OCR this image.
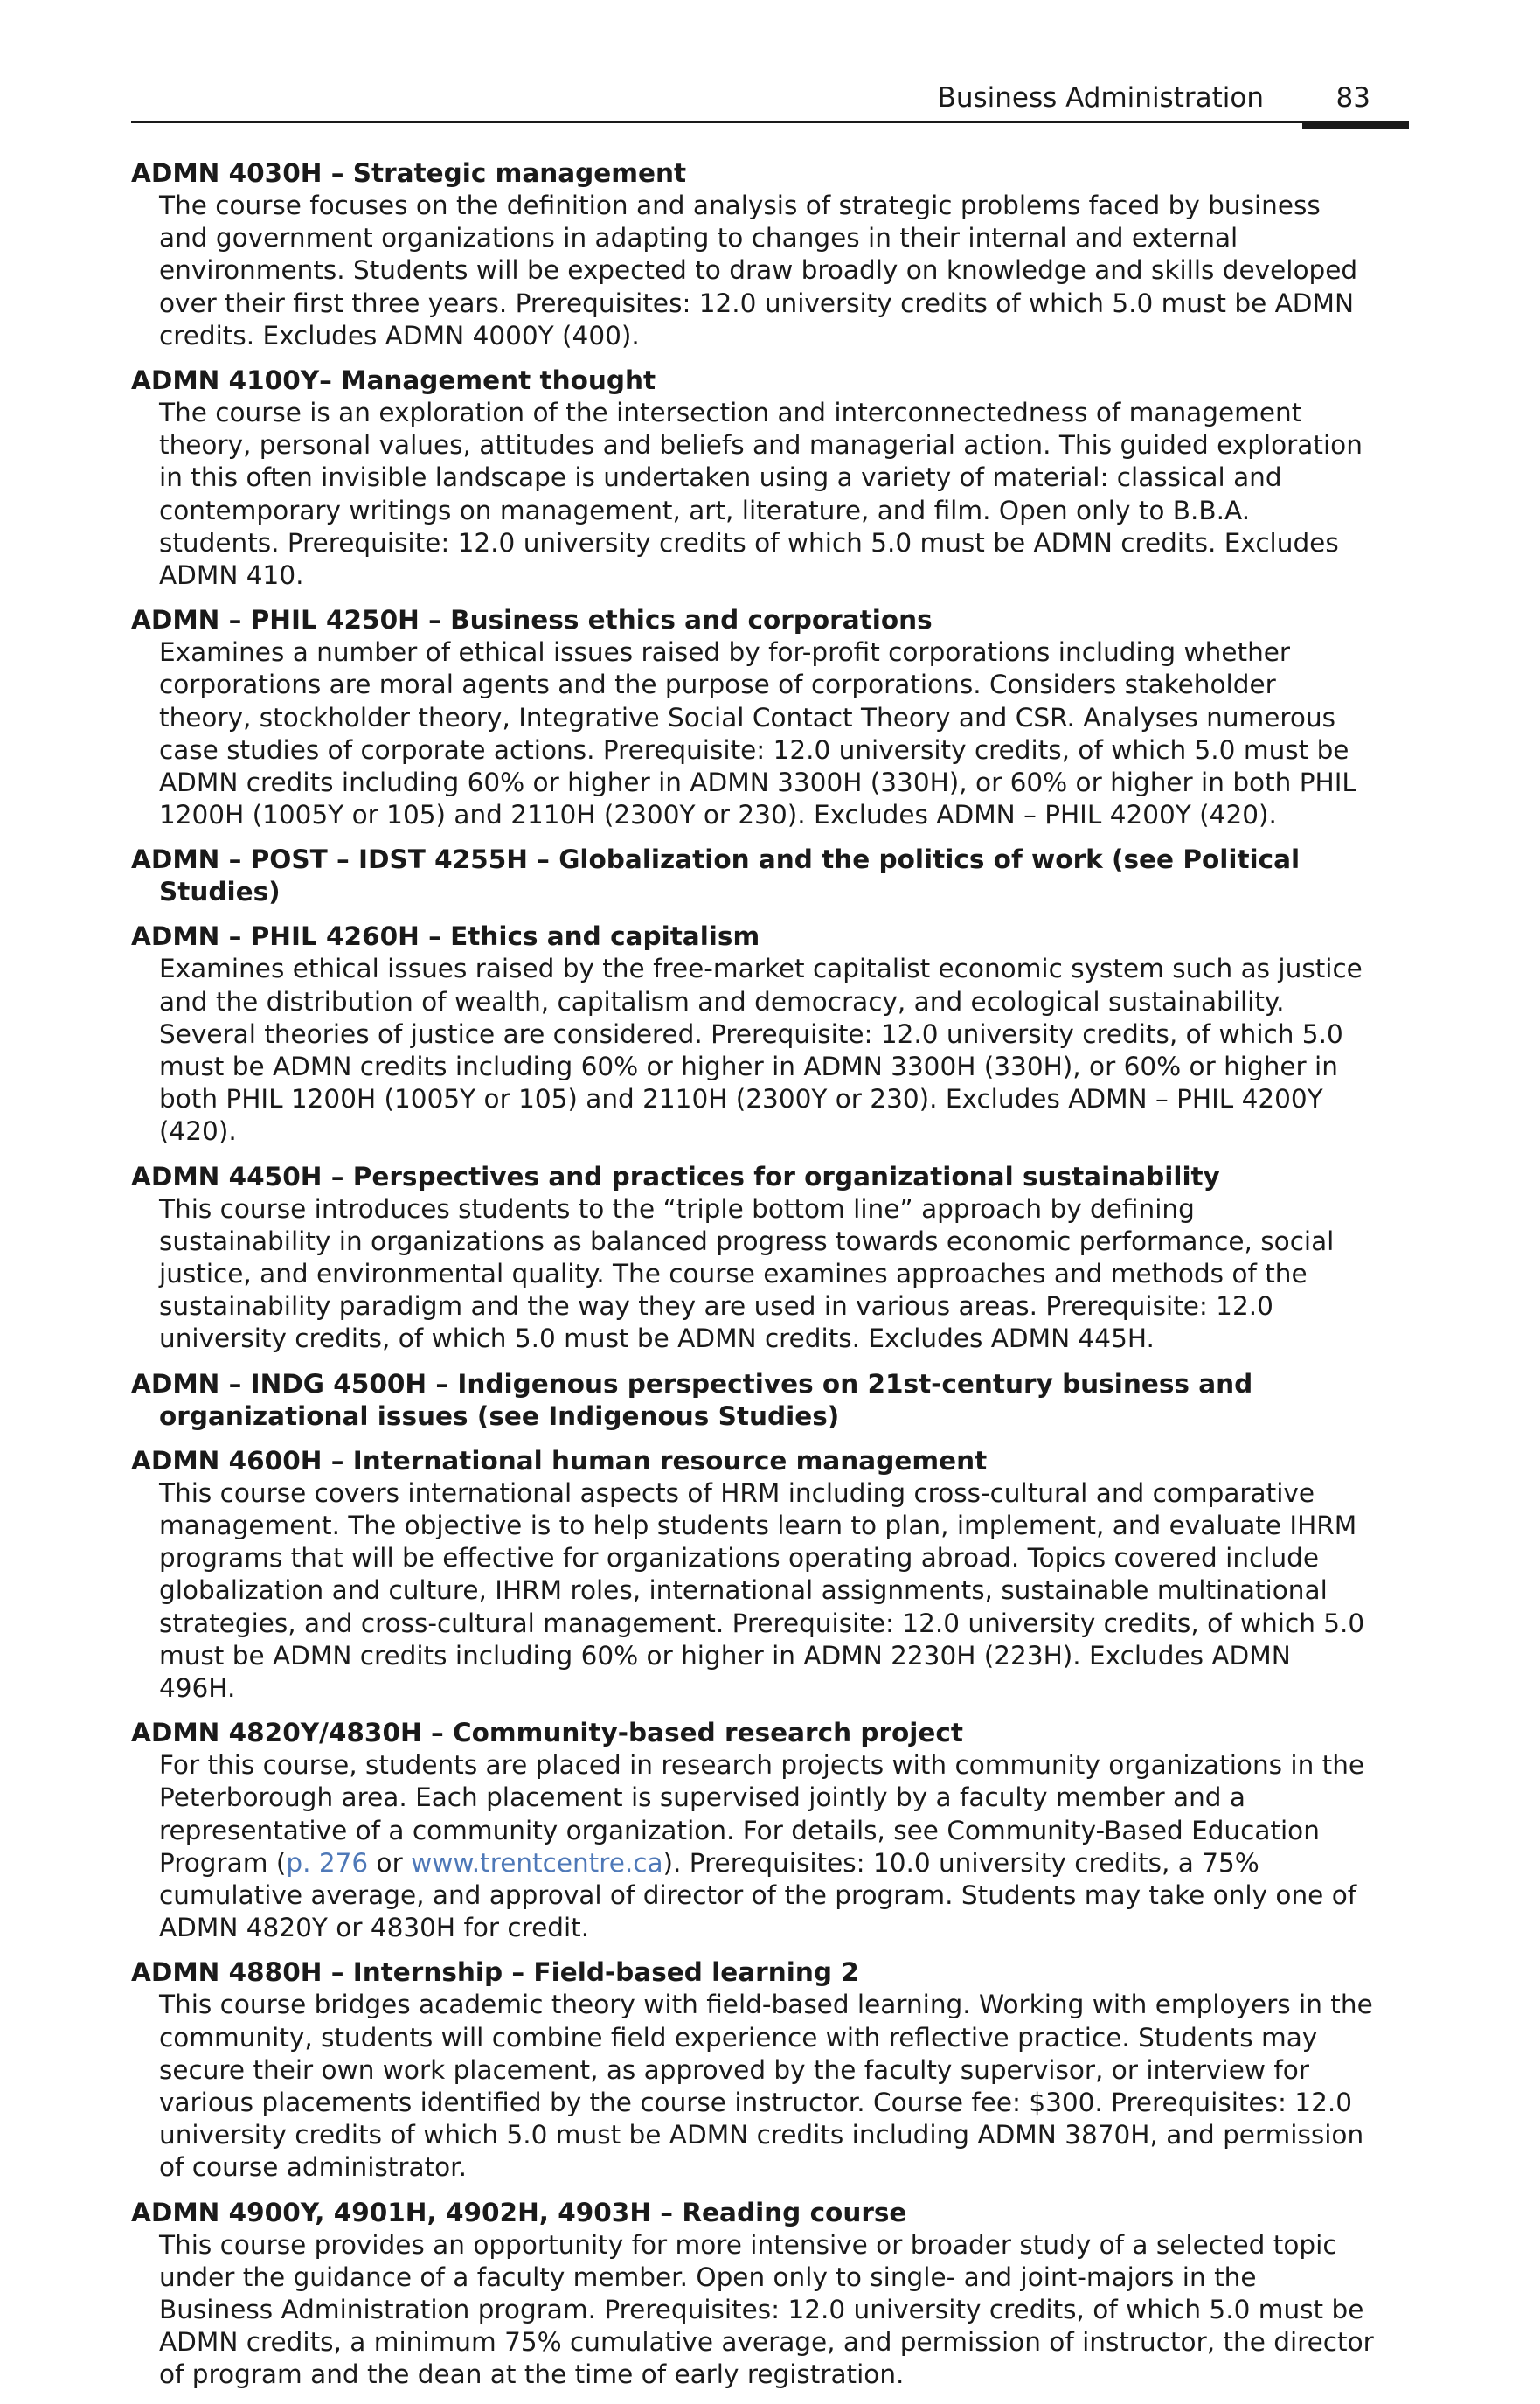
Business Administration	83
ADMN 4030H – Strategic management
The course focuses on the definition and analysis of strategic problems faced by business and government organizations in adapting to changes in their internal and external environments. Students will be expected to draw broadly on knowledge and skills developed over their first three years. Prerequisites: 12.0 university credits of which 5.0 must be ADMN credits. Excludes ADMN 4000Y (400).
ADMN 4100Y– Management thought
The course is an exploration of the intersection and interconnectedness of management theory, personal values, attitudes and beliefs and managerial action. This guided exploration in this often invisible landscape is undertaken using a variety of material: classical and contemporary writings on management, art, literature, and film. Open only to B.B.A. students. Prerequisite: 12.0 university credits of which 5.0 must be ADMN credits. Excludes ADMN 410.
ADMN – PHIL 4250H – Business ethics and corporations
Examines a number of ethical issues raised by for-profit corporations including whether corporations are moral agents and the purpose of corporations. Considers stakeholder theory, stockholder theory, Integrative Social Contact Theory and CSR. Analyses numerous case studies of corporate actions. Prerequisite: 12.0 university credits, of which 5.0 must be ADMN credits including 60% or higher in ADMN 3300H (330H), or 60% or higher in both PHIL 1200H (1005Y or 105) and 2110H (2300Y or 230). Excludes ADMN – PHIL 4200Y (420).
ADMN – POST – IDST 4255H – Globalization and the politics of work (see Political Studies)
ADMN – PHIL 4260H – Ethics and capitalism
Examines ethical issues raised by the free-market capitalist economic system such as justice and the distribution of wealth, capitalism and democracy, and ecological sustainability. Several theories of justice are considered. Prerequisite: 12.0 university credits, of which 5.0 must be ADMN credits including 60% or higher in ADMN 3300H (330H), or 60% or higher in both PHIL 1200H (1005Y or 105) and 2110H (2300Y or 230). Excludes ADMN – PHIL 4200Y (420).
ADMN 4450H – Perspectives and practices for organizational sustainability
This course introduces students to the “triple bottom line” approach by defining sustainability in organizations as balanced progress towards economic performance, social justice, and environmental quality. The course examines approaches and methods of the sustainability paradigm and the way they are used in various areas. Prerequisite: 12.0 university credits, of which 5.0 must be ADMN credits. Excludes ADMN 445H.
ADMN – INDG 4500H – Indigenous perspectives on 21st-century business and organizational issues (see Indigenous Studies)
ADMN 4600H – International human resource management
This course covers international aspects of HRM including cross-cultural and comparative management. The objective is to help students learn to plan, implement, and evaluate IHRM programs that will be effective for organizations operating abroad. Topics covered include globalization and culture, IHRM roles, international assignments, sustainable multinational strategies, and cross-cultural management. Prerequisite: 12.0 university credits, of which 5.0 must be ADMN credits including 60% or higher in ADMN 2230H (223H). Excludes ADMN 496H.
ADMN 4820Y/4830H – Community-based research project
For this course, students are placed in research projects with community organizations in the Peterborough area. Each placement is supervised jointly by a faculty member and a representative of a community organization. For details, see Community-Based Education Program (p. 276 or www.trentcentre.ca). Prerequisites: 10.0 university credits, a 75% cumulative average, and approval of director of the program. Students may take only one of ADMN 4820Y or 4830H for credit.
ADMN 4880H – Internship – Field-based learning 2
This course bridges academic theory with field-based learning. Working with employers in the community, students will combine field experience with reflective practice. Students may secure their own work placement, as approved by the faculty supervisor, or interview for various placements identified by the course instructor. Course fee: $300. Prerequisites: 12.0 university credits of which 5.0 must be ADMN credits including ADMN 3870H, and permission of course administrator.
ADMN 4900Y, 4901H, 4902H, 4903H – Reading course
This course provides an opportunity for more intensive or broader study of a selected topic under the guidance of a faculty member. Open only to single- and joint-majors in the Business Administration program. Prerequisites: 12.0 university credits, of which 5.0 must be ADMN credits, a minimum 75% cumulative average, and permission of instructor, the director of program and the dean at the time of early registration.
